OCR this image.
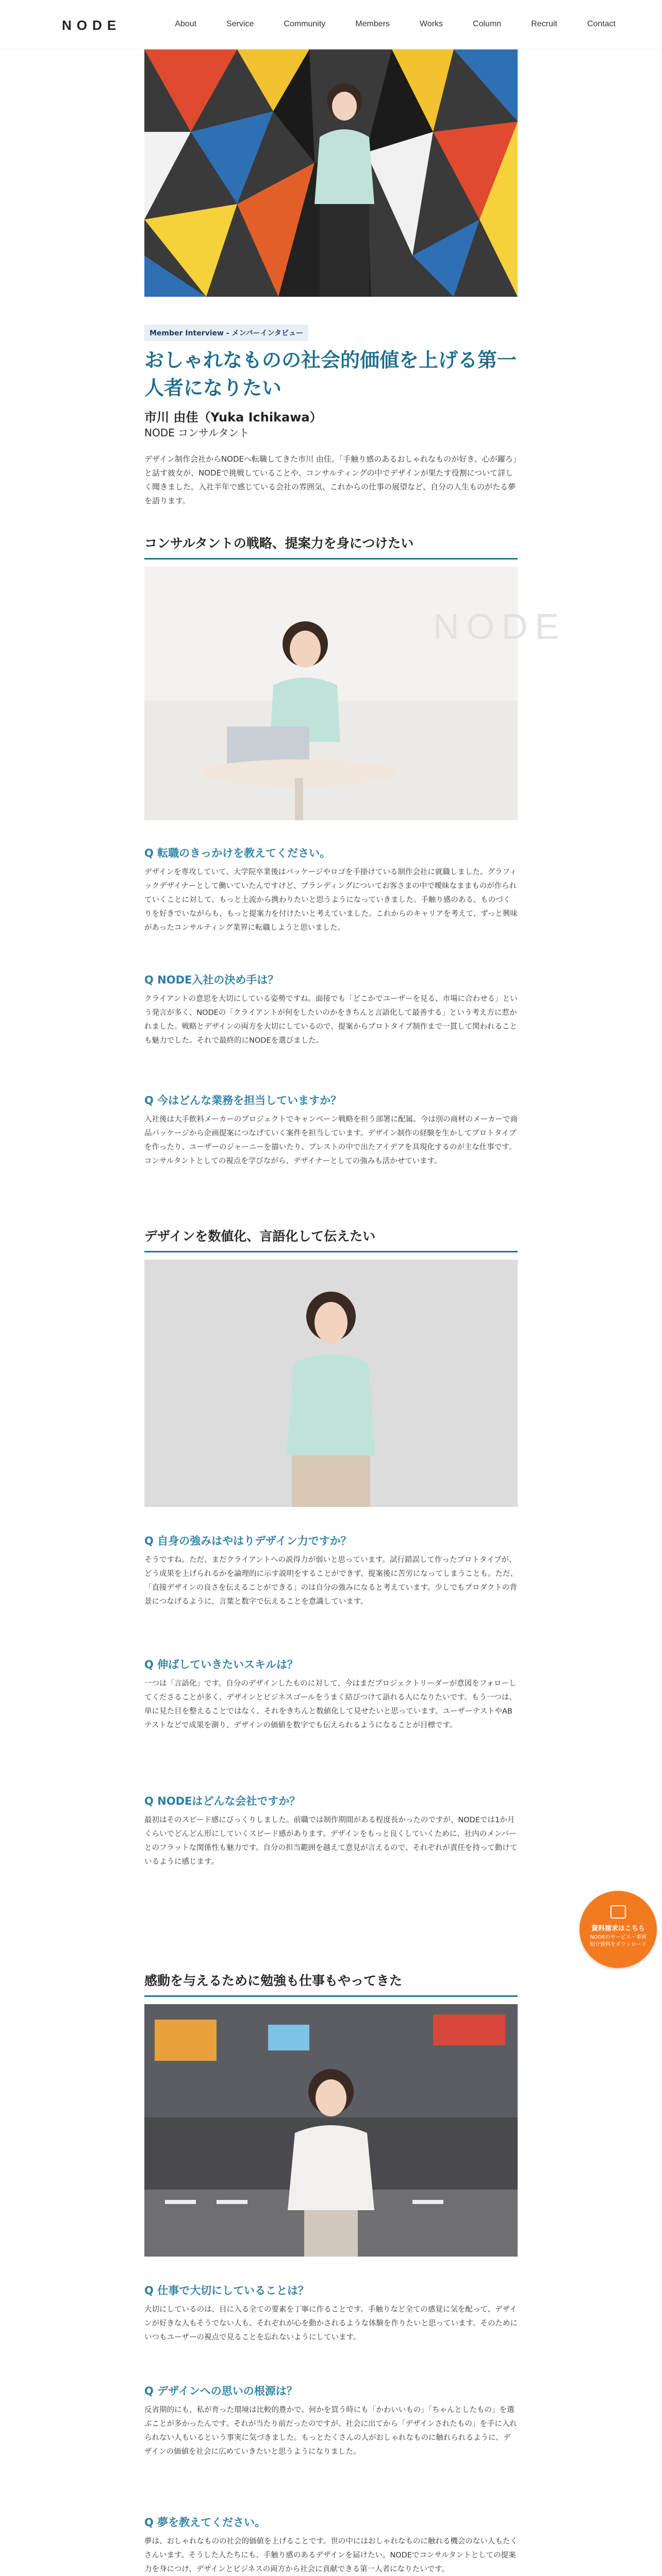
NODE	About	Service	Community	Members	Works	Column	Recruit	Contact
Member Interview - メンバーインタビュー
おしゃれなものの社会的価値を上げる第一人者になりたい
市川 由佳（Yuka Ichikawa）
NODE コンサルタント

デザイン制作会社からNODEへ転職してきた市川 由佳。「手触り感のあるおしゃれなものが好き、心が躍ろ」と話す彼女が、NODEで挑戦していることや、コンサルティングの中でデザインが果たす役割について詳しく聞きました。入社半年で感じている会社の雰囲気、これからの仕事の展望など、自分の人生ものがたる夢を語ります。

コンサルタントの戦略、提案力を身につけたい
NODE
Q 転職のきっかけを教えてください。

デザインを専攻していて、大学院卒業後はパッケージやロゴを手掛けている制作会社に就職しました。グラフィックデザイナーとして働いていたんですけど、ブランディングについてお客さまの中で曖昧なままものが作られていくことに対して、もっと上流から携わりたいと思うようになっていきました。手触り感のある、ものづくりを好きでいながらも、もっと提案力を付けたいと考えていました。これからのキャリアを考えて、ずっと興味があったコンサルティング業界に転職しようと思いました。

Q NODE入社の決め手は？

クライアントの意思を大切にしている姿勢ですね。面接でも「どこかでユーザーを見る、市場に合わせる」という発言が多く、NODEの「クライアントが何をしたいのかをきちんと言語化して最善する」という考え方に惹かれました。戦略とデザインの両方を大切にしているので、提案からプロトタイプ制作まで一貫して関われることも魅力でした。それで最終的にNODEを選びました。

Q 今はどんな業務を担当していますか？

入社後は大手飲料メーカーのプロジェクトでキャンペーン戦略を担う部署に配属。今は別の商材のメーカーで商品パッケージから企画提案につなげていく案件を担当しています。デザイン制作の経験を生かしてプロトタイプを作ったり、ユーザーのジャーニーを描いたり、ブレストの中で出たアイデアを具現化するのが主な仕事です。コンサルタントとしての視点を学びながら、デザイナーとしての強みも活かせています。

デザインを数値化、言語化して伝えたい
Q 自身の強みはやはりデザイン力ですか？

そうですね。ただ、まだクライアントへの説得力が弱いと思っています。試行錯誤して作ったプロトタイプが、どう成果を上げられるかを論理的に示す説明をすることができず、提案後に苦労になってしまうことも。ただ、「直接デザインの良さを伝えることができる」のは自分の強みになると考えています。少しでもプロダクトの背景につなげるように、言葉と数字で伝えることを意識しています。

Q 伸ばしていきたいスキルは？

一つは「言語化」です。自分のデザインしたものに対して、今はまだプロジェクトリーダーが意図をフォローしてくださることが多く、デザインとビジネスゴールをうまく結びつけて語れる人になりたいです。もう一つは、単に見た目を整えることではなく、それをきちんと数値化して見せたいと思っています。ユーザーテストやABテストなどで成果を測り、デザインの価値を数字でも伝えられるようになることが目標です。

Q NODEはどんな会社ですか？

最初はそのスピード感にびっくりしました。前職では制作期間がある程度長かったのですが、NODEでは1か月くらいでどんどん形にしていくスピード感があります。デザインをもっと良くしていくために、社内のメンバーとのフラットな関係性も魅力です。自分の担当範囲を越えて意見が言えるので、それぞれが責任を持って動けているように感じます。

感動を与えるために勉強も仕事もやってきた
Q 仕事で大切にしていることは？

大切にしているのは、目に入る全ての要素を丁寧に作ることです。手触りなど全ての感覚に気を配って、デザインが好きな人もそうでない人も、それぞれが心を動かされるような体験を作りたいと思っています。そのためにいつもユーザーの視点で見ることを忘れないようにしています。

Q デザインへの思いの根源は？

反省期的にも、私が育った環境は比較的豊かで、何かを買う時にも「かわいいもの」「ちゃんとしたもの」を選ぶことが多かったんです。それが当たり前だったのですが、社会に出てから「デザインされたもの」を手に入れられない人もいるという事実に気づきました。もっとたくさんの人がおしゃれなものに触れられるように、デザインの価値を社会に広めていきたいと思うようになりました。

Q 夢を教えてください。

夢は、おしゃれなものの社会的価値を上げることです。世の中にはおしゃれなものに触れる機会のない人もたくさんいます。そうした人たちにも、手触り感のあるデザインを届けたい。NODEでコンサルタントとしての提案力を身につけ、デザインとビジネスの両方から社会に貢献できる第一人者になりたいです。

資料請求はこちら
NODEのサービス・事例紹介資料をダウンロード
